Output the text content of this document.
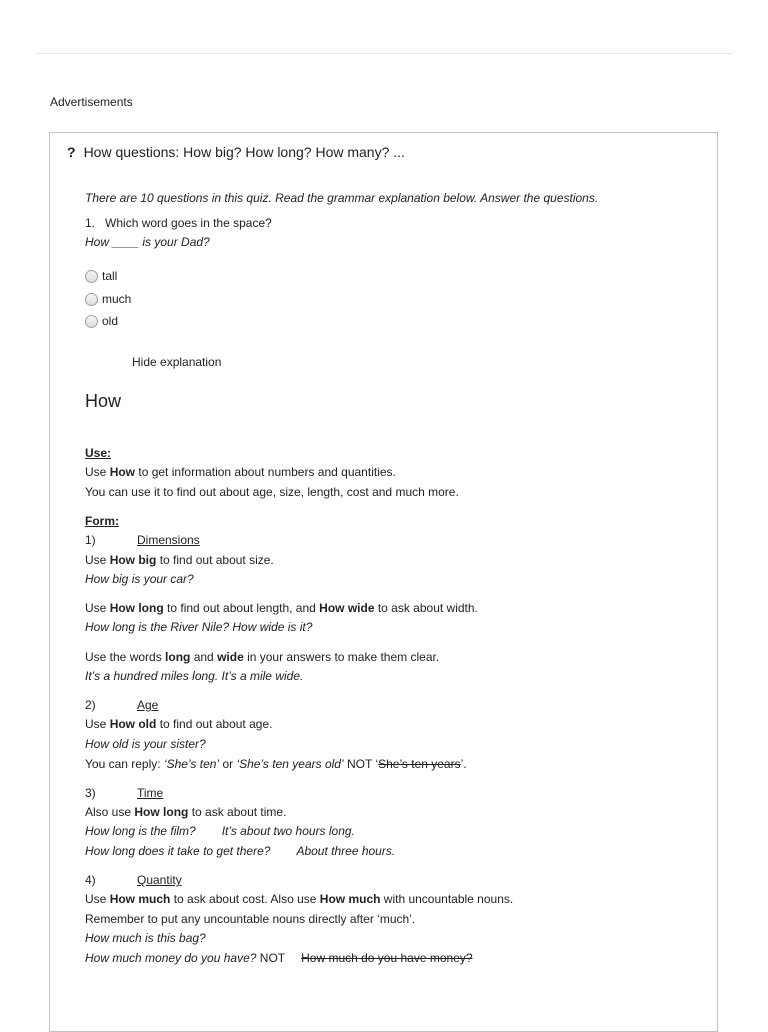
Advertisements
? How questions: How big? How long? How many? ...
There are 10 questions in this quiz. Read the grammar explanation below. Answer the questions.
1. Which word goes in the space?
How ____ is your Dad?
tall
much
old
Hide explanation
How
Use:
Use How to get information about numbers and quantities.
You can use it to find out about age, size, length, cost and much more.
Form:
1)	Dimensions
Use How big to find out about size.
How big is your car?
Use How long to find out about length, and How wide to ask about width.
How long is the River Nile? How wide is it?
Use the words long and wide in your answers to make them clear.
It’s a hundred miles long. It’s a mile wide.
2)	Age
Use How old to find out about age.
How old is your sister?
You can reply: ‘She’s ten’ or ‘She’s ten years old’ NOT ‘She’s ten years’.
3)	Time
Also use How long to ask about time.
How long is the film? It’s about two hours long.
How long does it take to get there? About three hours.
4)	Quantity
Use How much to ask about cost. Also use How much with uncountable nouns.
Remember to put any uncountable nouns directly after ‘much’.
How much is this bag?
How much money do you have? NOT How much do you have money?
